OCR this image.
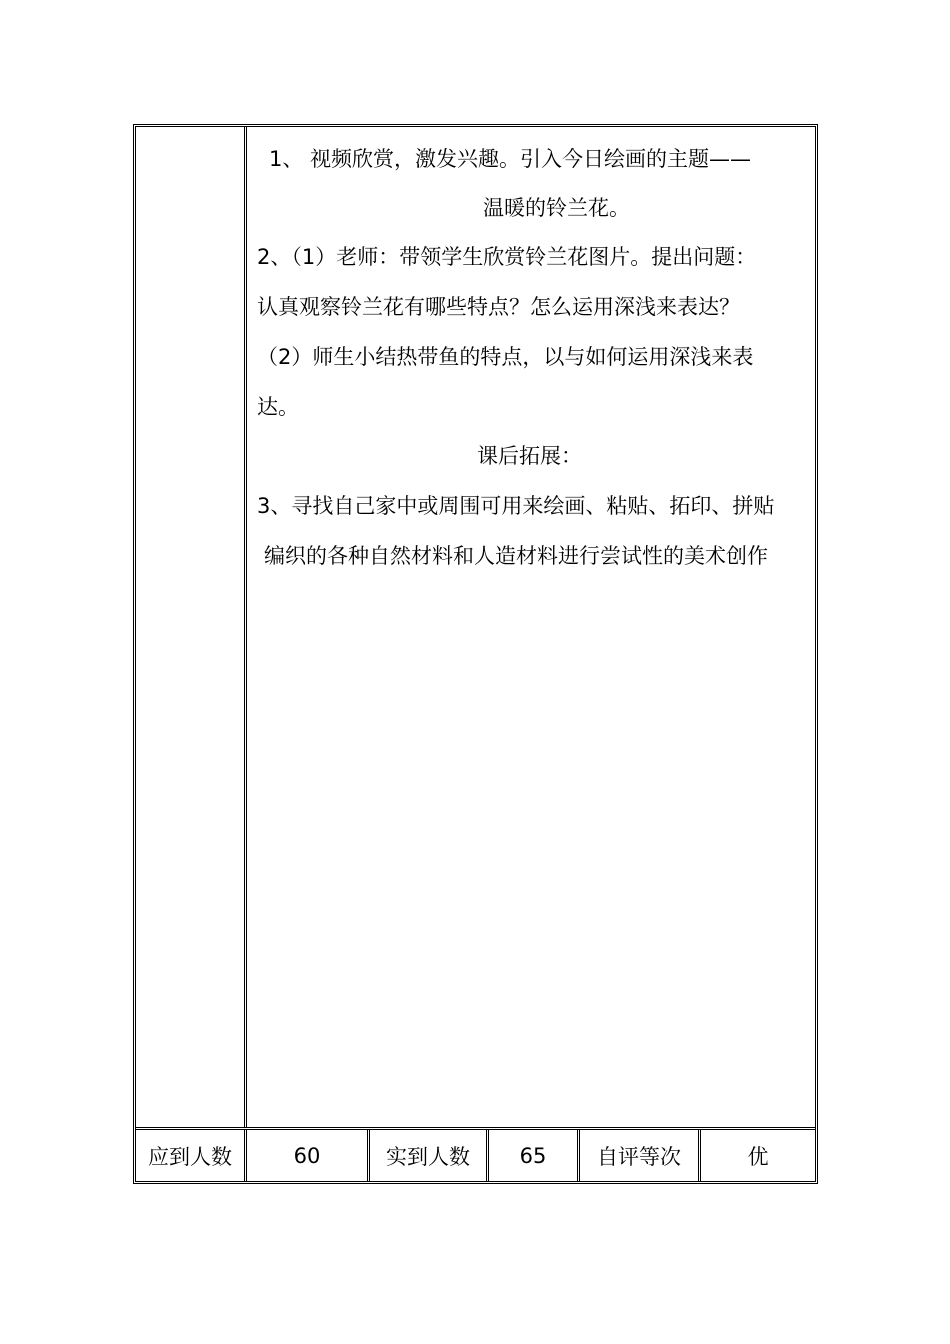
1、 视频欣赏，激发兴趣。引入今日绘画的主题——
温暖的铃兰花。
2、（1）老师：带领学生欣赏铃兰花图片。提出问题：
认真观察铃兰花有哪些特点？怎么运用深浅来表达？
（2）师生小结热带鱼的特点，以与如何运用深浅来表
达。
课后拓展：
3、寻找自己家中或周围可用来绘画、粘贴、拓印、拼贴
编织的各种自然材料和人造材料进行尝试性的美术创作
应到人数	60	实到人数	65	自评等次	优
